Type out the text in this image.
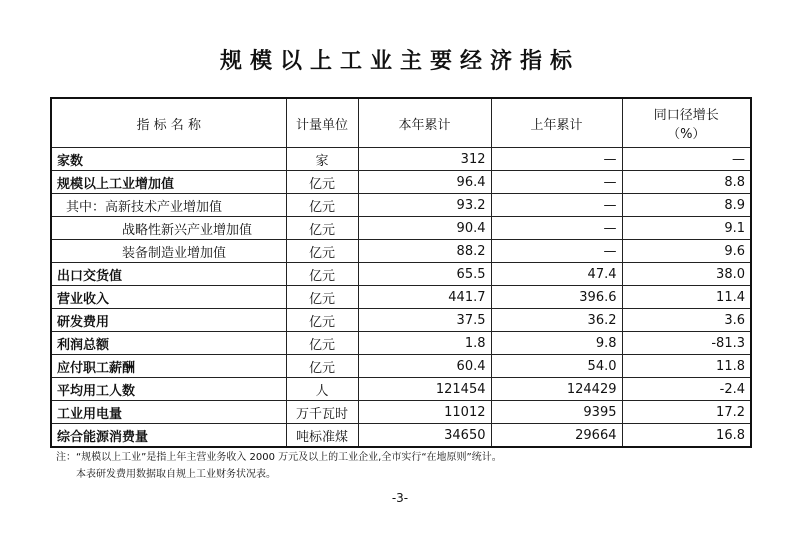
规模以上工业主要经济指标
指 标 名 称	计量单位	本年累计	上年累计	同口径增长
（%）

家数	家	312	—	—
规模以上工业增加值	亿元	96.4	—	8.8
其中：高新技术产业增加值	亿元	93.2	—	8.9
战略性新兴产业增加值	亿元	90.4	—	9.1
装备制造业增加值	亿元	88.2	—	9.6
出口交货值	亿元	65.5	47.4	38.0
营业收入	亿元	441.7	396.6	11.4
研发费用	亿元	37.5	36.2	3.6
利润总额	亿元	1.8	9.8	-81.3
应付职工薪酬	亿元	60.4	54.0	11.8
平均用工人数	人	121454	124429	-2.4
工业用电量	万千瓦时	11012	9395	17.2
综合能源消费量	吨标准煤	34650	29664	16.8
注：“规模以上工业”是指上年主营业务收入 2000 万元及以上的工业企业,全市实行“在地原则”统计。
本表研发费用数据取自规上工业财务状况表。
-3-
